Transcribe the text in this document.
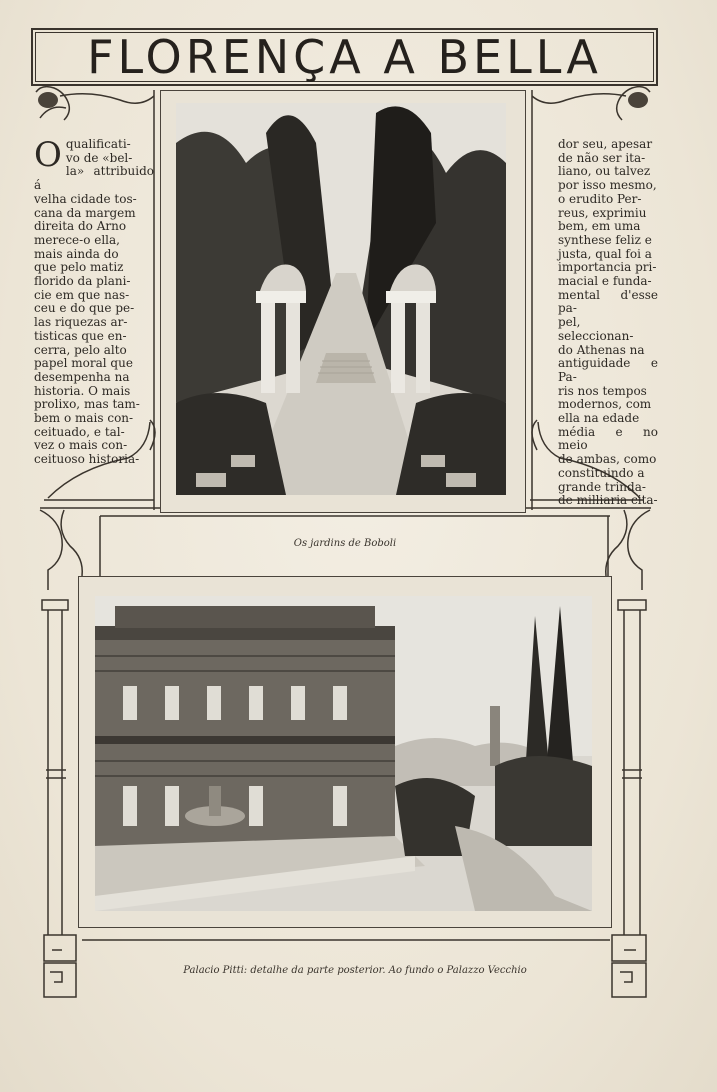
FLORENÇA A BELLA
O qualificati-
vo de «bel-
la» attribuido á
velha cidade tos-
cana da margem
direita do Arno
merece-o ella,
mais ainda do
que pelo matiz
florido da plani-
cie em que nas-
ceu e do que pe-
las riquezas ar-
tisticas que en-
cerra, pelo alto
papel moral que
desempenha na
historia. O mais
prolixo, mas tam-
bem o mais con-
ceituado, e tal-
vez o mais con-
ceituoso historia-
dor seu, apesar
de não ser ita-
liano, ou talvez
por isso mesmo,
o erudito Per-
reus, exprimiu
bem, em uma
synthese feliz e
justa, qual foi a
importancia pri-
macial e funda-
mental d'esse pa-
pel, seleccionan-
do Athenas na
antiguidade e Pa-
ris nos tempos
modernos, com
ella na edade
média e no meio
de ambas, como
constituindo a
grande trinda-
de milliaria cita-
Os jardins de Boboli
Palacio Pitti: detalhe da parte posterior. Ao fundo o Palazzo Vecchio
